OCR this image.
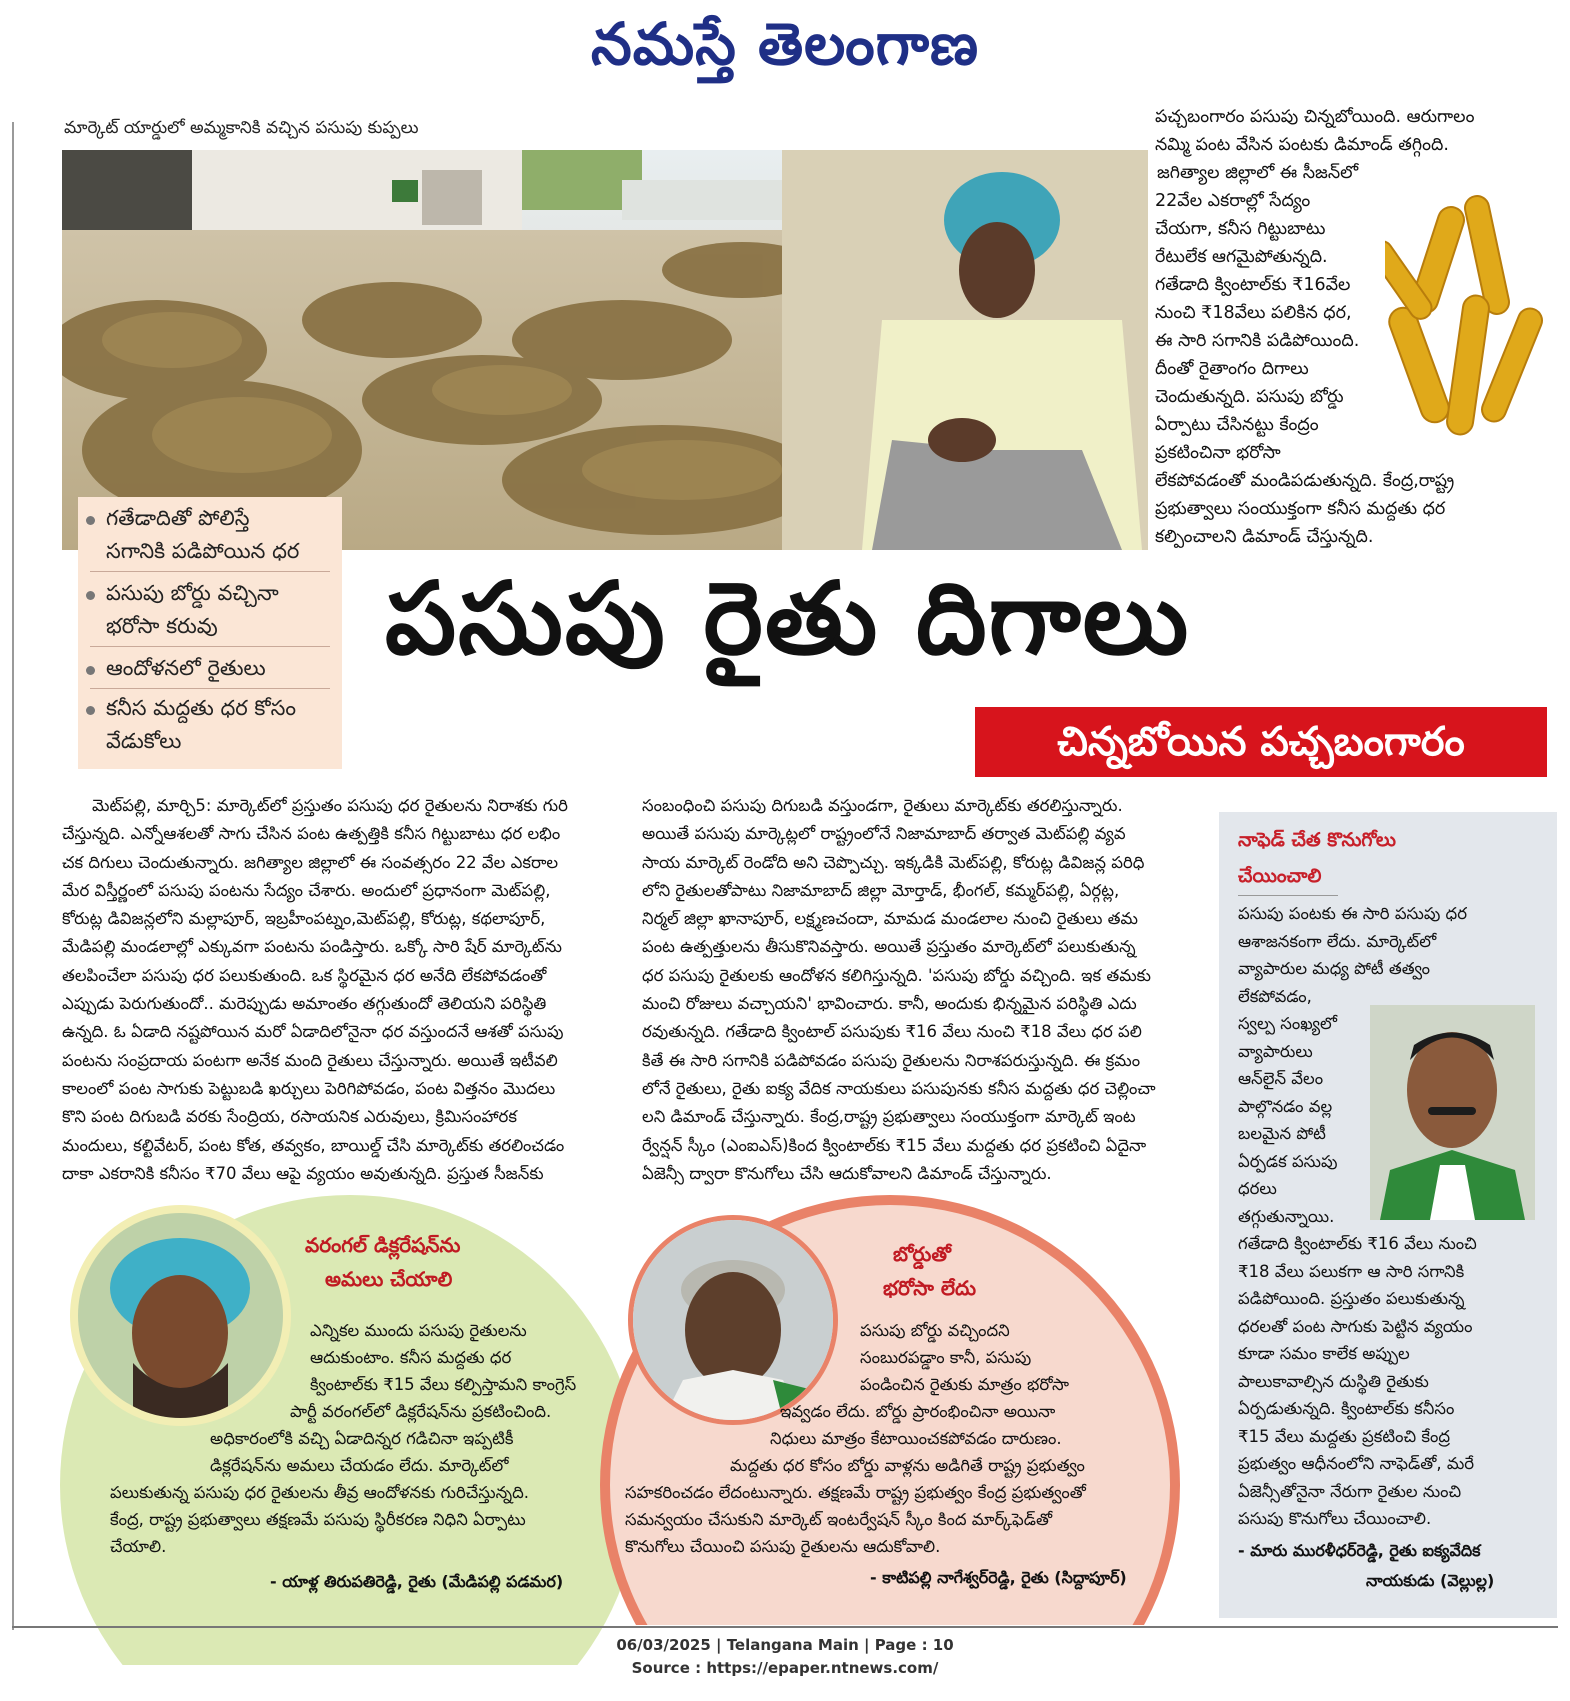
నమస్తే తెలంగాణ
మార్కెట్ యార్డులో అమ్మకానికి వచ్చిన పసుపు కుప్పలు
పచ్చబంగారం పసుపు చిన్నబోయింది. ఆరుగాలం
నమ్మి పంట వేసిన పంటకు డిమాండ్ తగ్గింది.
జగిత్యాల జిల్లాలో ఈ సీజన్‌లో
22వేల ఎకరాల్లో సేద్యం
చేయగా, కనీస గిట్టుబాటు
రేటులేక ఆగమైపోతున్నది.
గతేడాది క్వింటాల్‌కు ₹16వేల
నుంచి ₹18వేలు పలికిన ధర,
ఈ సారి సగానికి పడిపోయింది.
దీంతో రైతాంగం దిగాలు
చెందుతున్నది. పసుపు బోర్డు
ఏర్పాటు చేసినట్టు కేంద్రం
ప్రకటించినా భరోసా
లేకపోవడంతో మండిపడుతున్నది. కేంద్ర,రాష్ట్ర
ప్రభుత్వాలు సంయుక్తంగా కనీస మద్దతు ధర
కల్పించాలని డిమాండ్ చేస్తున్నది.
గతేడాదితో పోలిస్తే
సగానికి పడిపోయిన ధర
పసుపు బోర్డు వచ్చినా
భరోసా కరువు
ఆందోళనలో రైతులు
కనీస మద్దతు ధర కోసం
వేడుకోలు
పసుపు రైతు దిగాలు
చిన్నబోయిన పచ్చబంగారం
మెట్‌పల్లి, మార్చి5: మార్కెట్‌లో ప్రస్తుతం పసుపు ధర రైతులను నిరాశకు గురి
చేస్తున్నది. ఎన్నోఆశలతో సాగు చేసిన పంట ఉత్పత్తికి కనీస గిట్టుబాటు ధర లభిం
చక దిగులు చెందుతున్నారు. జగిత్యాల జిల్లాలో ఈ సంవత్సరం 22 వేల ఎకరాల
మేర విస్తీర్ణంలో పసుపు పంటను సేద్యం చేశారు. అందులో ప్రధానంగా మెట్‌పల్లి,
కోరుట్ల డివిజన్లలోని మల్లాపూర్, ఇబ్రహీంపట్నం,మెట్‌పల్లి, కోరుట్ల, కథలాపూర్,
మేడిపల్లి మండలాల్లో ఎక్కువగా పంటను పండిస్తారు. ఒక్కో సారి షేర్ మార్కెట్‌ను
తలపించేలా పసుపు ధర పలుకుతుంది. ఒక స్థిరమైన ధర అనేది లేకపోవడంతో
ఎప్పుడు పెరుగుతుందో.. మరెప్పుడు అమాంతం తగ్గుతుందో తెలియని పరిస్థితి
ఉన్నది. ఓ ఏడాది నష్టపోయిన మరో ఏడాదిలోనైనా ధర వస్తుందనే ఆశతో పసుపు
పంటను సంప్రదాయ పంటగా అనేక మంది రైతులు చేస్తున్నారు. అయితే ఇటీవలి
కాలంలో పంట సాగుకు పెట్టుబడి ఖర్చులు పెరిగిపోవడం, పంట విత్తనం మొదలు
కొని పంట దిగుబడి వరకు సేంద్రియ, రసాయనిక ఎరువులు, క్రిమిసంహారక
మందులు, కల్టివేటర్, పంట కోత, తవ్వకం, బాయిల్డ్ చేసి మార్కెట్‌కు తరలించడం
దాకా ఎకరానికి కనీసం ₹70 వేలు ఆపై వ్యయం అవుతున్నది. ప్రస్తుత సీజన్‌కు
సంబంధించి పసుపు దిగుబడి వస్తుండగా, రైతులు మార్కెట్‌కు తరలిస్తున్నారు.
అయితే పసుపు మార్కెట్లలో రాష్ట్రంలోనే నిజామాబాద్ తర్వాత మెట్‌పల్లి వ్యవ
సాయ మార్కెట్ రెండోది అని చెప్పొచ్చు. ఇక్కడికి మెట్‌పల్లి, కోరుట్ల డివిజన్ల పరిధి
లోని రైతులతోపాటు నిజామాబాద్ జిల్లా మోర్తాడ్, భీంగల్, కమ్మర్‌పల్లి, ఏర్గట్ల,
నిర్మల్ జిల్లా ఖానాపూర్, లక్ష్మణచందా, మామడ మండలాల నుంచి రైతులు తమ
పంట ఉత్పత్తులను తీసుకొనివస్తారు. అయితే ప్రస్తుతం మార్కెట్‌లో పలుకుతున్న
ధర పసుపు రైతులకు ఆందోళన కలిగిస్తున్నది. 'పసుపు బోర్డు వచ్చింది. ఇక తమకు
మంచి రోజులు వచ్చాయని' భావించారు. కానీ, అందుకు భిన్నమైన పరిస్థితి ఎదు
రవుతున్నది. గతేడాది క్వింటాల్ పసుపుకు ₹16 వేలు నుంచి ₹18 వేలు ధర పలి
కితే ఈ సారి సగానికి పడిపోవడం పసుపు రైతులను నిరాశపరుస్తున్నది. ఈ క్రమం
లోనే రైతులు, రైతు ఐక్య వేదిక నాయకులు పసుపునకు కనీస మద్దతు ధర చెల్లించా
లని డిమాండ్ చేస్తున్నారు. కేంద్ర,రాష్ట్ర ప్రభుత్వాలు సంయుక్తంగా మార్కెట్ ఇంట
ర్వేన్షన్ స్కీం (ఎంఐఎస్)కింద క్వింటాల్‌కు ₹15 వేలు మద్దతు ధర ప్రకటించి ఏదైనా
ఏజెన్సీ ద్వారా కొనుగోలు చేసి ఆదుకోవాలని డిమాండ్ చేస్తున్నారు.
నాఫెడ్ చేత కొనుగోలు
చేయించాలి
పసుపు పంటకు ఈ సారి పసుపు ధర
ఆశాజనకంగా లేదు. మార్కెట్‌లో
వ్యాపారుల మధ్య పోటీ తత్వం
లేకపోవడం,
స్వల్ప సంఖ్యలో
వ్యాపారులు
ఆన్‌లైన్ వేలం
పాల్గొనడం వల్ల
బలమైన పోటీ
ఏర్పడక పసుపు
ధరలు
తగ్గుతున్నాయి.
గతేడాది క్వింటాల్‌కు ₹16 వేలు నుంచి
₹18 వేలు పలుకగా ఆ సారి సగానికి
పడిపోయింది. ప్రస్తుతం పలుకుతున్న
ధరలతో పంట సాగుకు పెట్టిన వ్యయం
కూడా సమం కాలేక అప్పుల
పాలుకావాల్సిన దుస్థితి రైతుకు
ఏర్పడుతున్నది. క్వింటాల్‌కు కనీసం
₹15 వేలు మద్దతు ప్రకటించి కేంద్ర
ప్రభుత్వం ఆధీనంలోని నాఫెడ్‌తో, మరే
ఏజెన్సీతోనైనా నేరుగా రైతుల నుంచి
పసుపు కొనుగోలు చేయించాలి.
- మారు మురళీధర్‌రెడ్డి, రైతు ఐక్యవేదిక
నాయకుడు (వెల్లుల్ల)
వరంగల్ డిక్లరేషన్‌ను
అమలు చేయాలి
ఎన్నికల ముందు పసుపు రైతులను
ఆదుకుంటాం. కనీస మద్దతు ధర
క్వింటాల్‌కు ₹15 వేలు కల్పిస్తామని కాంగ్రెస్
పార్టీ వరంగల్‌లో డిక్లరేషన్‌ను ప్రకటించింది.
అధికారంలోకి వచ్చి ఏడాదిన్నర గడిచినా ఇప్పటికీ
డిక్లరేషన్‌ను అమలు చేయడం లేదు. మార్కెట్‌లో
పలుకుతున్న పసుపు ధర రైతులను తీవ్ర ఆందోళనకు గురిచేస్తున్నది.
కేంద్ర, రాష్ట్ర ప్రభుత్వాలు తక్షణమే పసుపు స్థిరీకరణ నిధిని ఏర్పాటు
చేయాలి.
- యాళ్ల తిరుపతిరెడ్డి, రైతు (మేడిపల్లి పడమర)
బోర్డుతో
భరోసా లేదు
పసుపు బోర్డు వచ్చిందని
సంబురపడ్డాం కానీ, పసుపు
పండించిన రైతుకు మాత్రం భరోసా
ఇవ్వడం లేదు. బోర్డు ప్రారంభించినా అయినా
నిధులు మాత్రం కేటాయించకపోవడం దారుణం.
మద్దతు ధర కోసం బోర్డు వాళ్లను అడిగితే రాష్ట్ర ప్రభుత్వం
సహకరించడం లేదంటున్నారు. తక్షణమే రాష్ట్ర ప్రభుత్వం కేంద్ర ప్రభుత్వంతో
సమన్వయం చేసుకుని మార్కెట్ ఇంటర్వేషన్ స్కీం కింద మార్క్‌ఫెడ్‌తో
కొనుగోలు చేయించి పసుపు రైతులను ఆదుకోవాలి.
- కాటిపల్లి నాగేశ్వర్‌రెడ్డి, రైతు (సిద్దాపూర్)
06/03/2025 | Telangana Main | Page : 10
Source : https://epaper.ntnews.com/
